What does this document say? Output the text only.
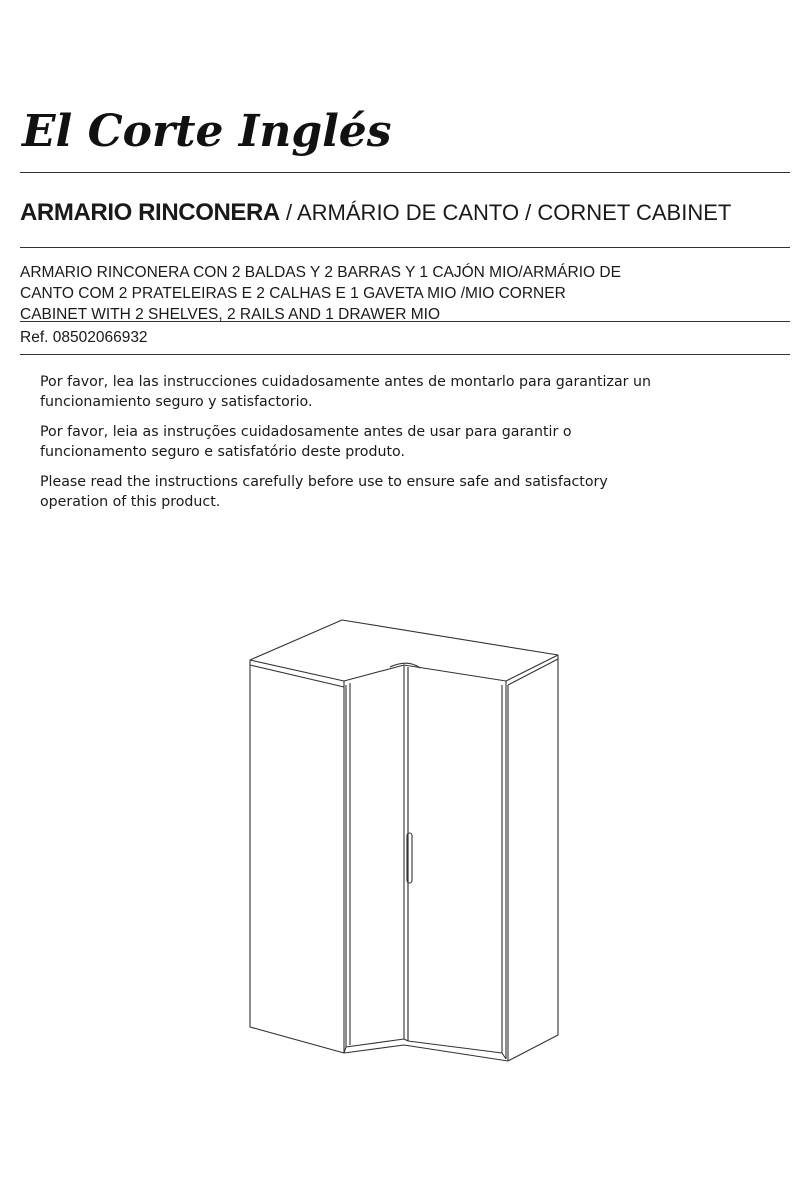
El Corte Inglés
ARMARIO RINCONERA / ARMÁRIO DE CANTO / CORNET CABINET
ARMARIO RINCONERA CON 2 BALDAS Y 2 BARRAS Y 1 CAJÓN MIO/ARMÁRIO DE
CANTO COM 2 PRATELEIRAS E 2 CALHAS E 1 GAVETA MIO /MIO CORNER
CABINET WITH 2 SHELVES, 2 RAILS AND 1 DRAWER MIO
Ref. 08502066932

Por favor, lea las instrucciones cuidadosamente antes de montarlo para garantizar un funcionamiento seguro y satisfactorio.

Por favor, leia as instruções cuidadosamente antes de usar para garantir o funcionamento seguro e satisfatório deste produto.

Please read the instructions carefully before use to ensure safe and satisfactory operation of this product.
